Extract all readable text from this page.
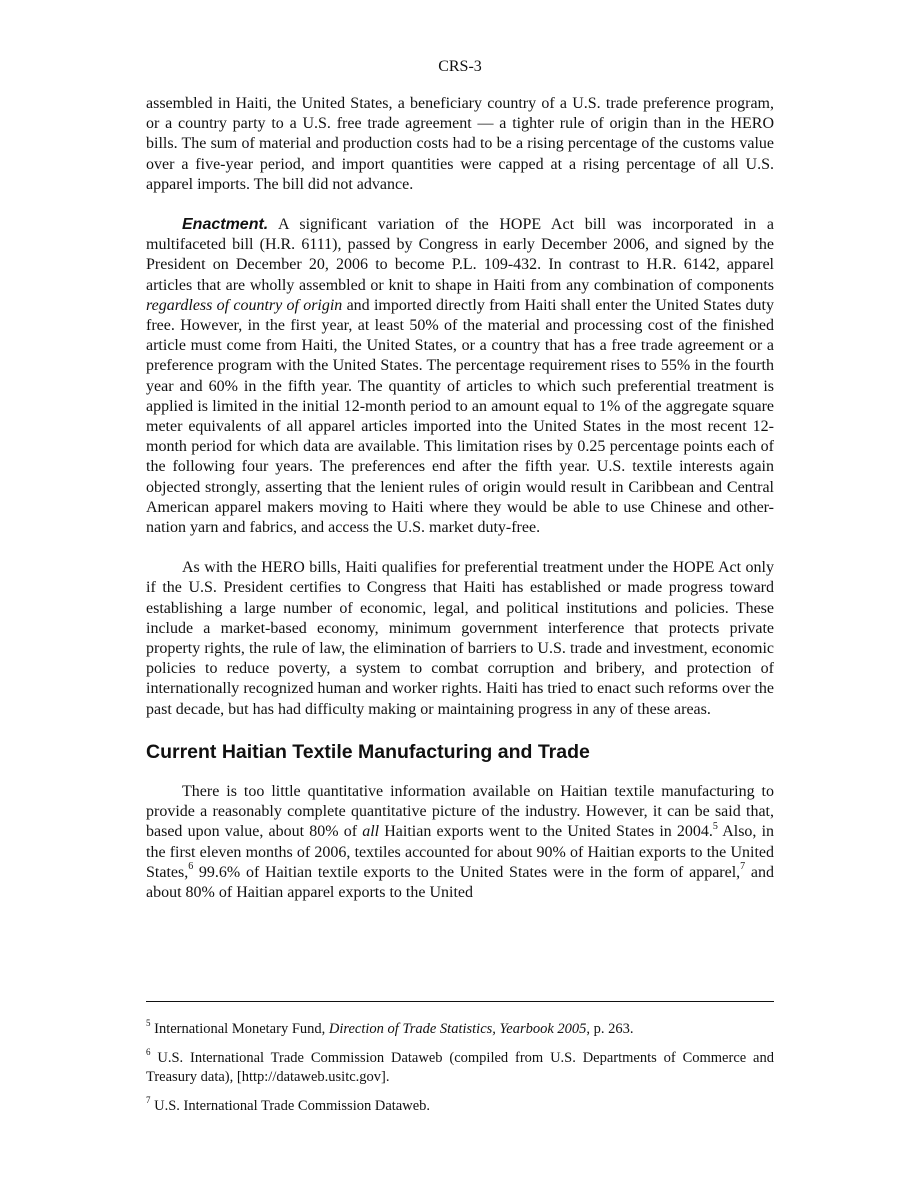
CRS-3

assembled in Haiti, the United States, a beneficiary country of a U.S. trade preference program, or a country party to a U.S. free trade agreement — a tighter rule of origin than in the HERO bills. The sum of material and production costs had to be a rising percentage of the customs value over a five-year period, and import quantities were capped at a rising percentage of all U.S. apparel imports. The bill did not advance.

Enactment. A significant variation of the HOPE Act bill was incorporated in a multifaceted bill (H.R. 6111), passed by Congress in early December 2006, and signed by the President on December 20, 2006 to become P.L. 109-432. In contrast to H.R. 6142, apparel articles that are wholly assembled or knit to shape in Haiti from any combination of components regardless of country of origin and imported directly from Haiti shall enter the United States duty free. However, in the first year, at least 50% of the material and processing cost of the finished article must come from Haiti, the United States, or a country that has a free trade agreement or a preference program with the United States. The percentage requirement rises to 55% in the fourth year and 60% in the fifth year. The quantity of articles to which such preferential treatment is applied is limited in the initial 12-month period to an amount equal to 1% of the aggregate square meter equivalents of all apparel articles imported into the United States in the most recent 12-month period for which data are available. This limitation rises by 0.25 percentage points each of the following four years. The preferences end after the fifth year. U.S. textile interests again objected strongly, asserting that the lenient rules of origin would result in Caribbean and Central American apparel makers moving to Haiti where they would be able to use Chinese and other-nation yarn and fabrics, and access the U.S. market duty-free.

As with the HERO bills, Haiti qualifies for preferential treatment under the HOPE Act only if the U.S. President certifies to Congress that Haiti has established or made progress toward establishing a large number of economic, legal, and political institutions and policies. These include a market-based economy, minimum government interference that protects private property rights, the rule of law, the elimination of barriers to U.S. trade and investment, economic policies to reduce poverty, a system to combat corruption and bribery, and protection of internationally recognized human and worker rights. Haiti has tried to enact such reforms over the past decade, but has had difficulty making or maintaining progress in any of these areas.

Current Haitian Textile Manufacturing and Trade

There is too little quantitative information available on Haitian textile manufacturing to provide a reasonably complete quantitative picture of the industry. However, it can be said that, based upon value, about 80% of all Haitian exports went to the United States in 2004.$^5$ Also, in the first eleven months of 2006, textiles accounted for about 90% of Haitian exports to the United States,$^6$ 99.6% of Haitian textile exports to the United States were in the form of apparel,$^7$ and about 80% of Haitian apparel exports to the United

$^5$ International Monetary Fund, Direction of Trade Statistics, Yearbook 2005, p. 263.

$^6$ U.S. International Trade Commission Dataweb (compiled from U.S. Departments of Commerce and Treasury data), [http://dataweb.usitc.gov].

$^7$ U.S. International Trade Commission Dataweb.
